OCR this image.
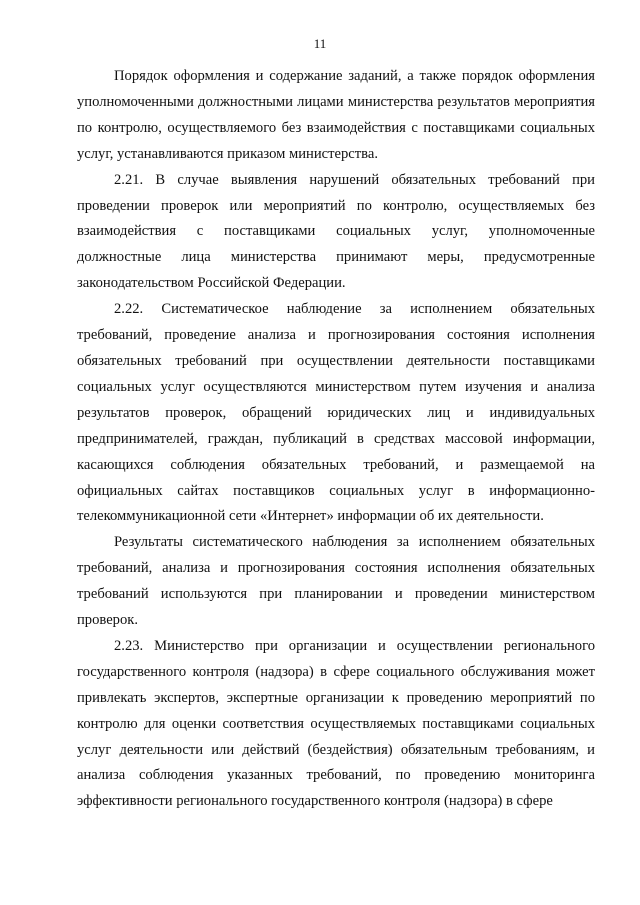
11

Порядок оформления и содержание заданий, а также порядок оформления уполномоченными должностными лицами министерства результатов мероприятия по контролю, осуществляемого без взаимодействия с поставщиками социальных услуг, устанавливаются приказом министерства.

2.21. В случае выявления нарушений обязательных требований при проведении проверок или мероприятий по контролю, осуществляемых без взаимодействия с поставщиками социальных услуг, уполномоченные должностные лица министерства принимают меры, предусмотренные законодательством Российской Федерации.

2.22. Систематическое наблюдение за исполнением обязательных требований, проведение анализа и прогнозирования состояния исполнения обязательных требований при осуществлении деятельности поставщиками социальных услуг осуществляются министерством путем изучения и анализа результатов проверок, обращений юридических лиц и индивидуальных предпринимателей, граждан, публикаций в средствах массовой информации, касающихся соблюдения обязательных требований, и размещаемой на официальных сайтах поставщиков социальных услуг в информационно-телекоммуникационной сети «Интернет» информации об их деятельности.

Результаты систематического наблюдения за исполнением обязательных требований, анализа и прогнозирования состояния исполнения обязательных требований используются при планировании и проведении министерством проверок.

2.23. Министерство при организации и осуществлении регионального государственного контроля (надзора) в сфере социального обслуживания может привлекать экспертов, экспертные организации к проведению мероприятий по контролю для оценки соответствия осуществляемых поставщиками социальных услуг деятельности или действий (бездействия) обязательным требованиям, и анализа соблюдения указанных требований, по проведению мониторинга эффективности регионального государственного контроля (надзора) в сфере
